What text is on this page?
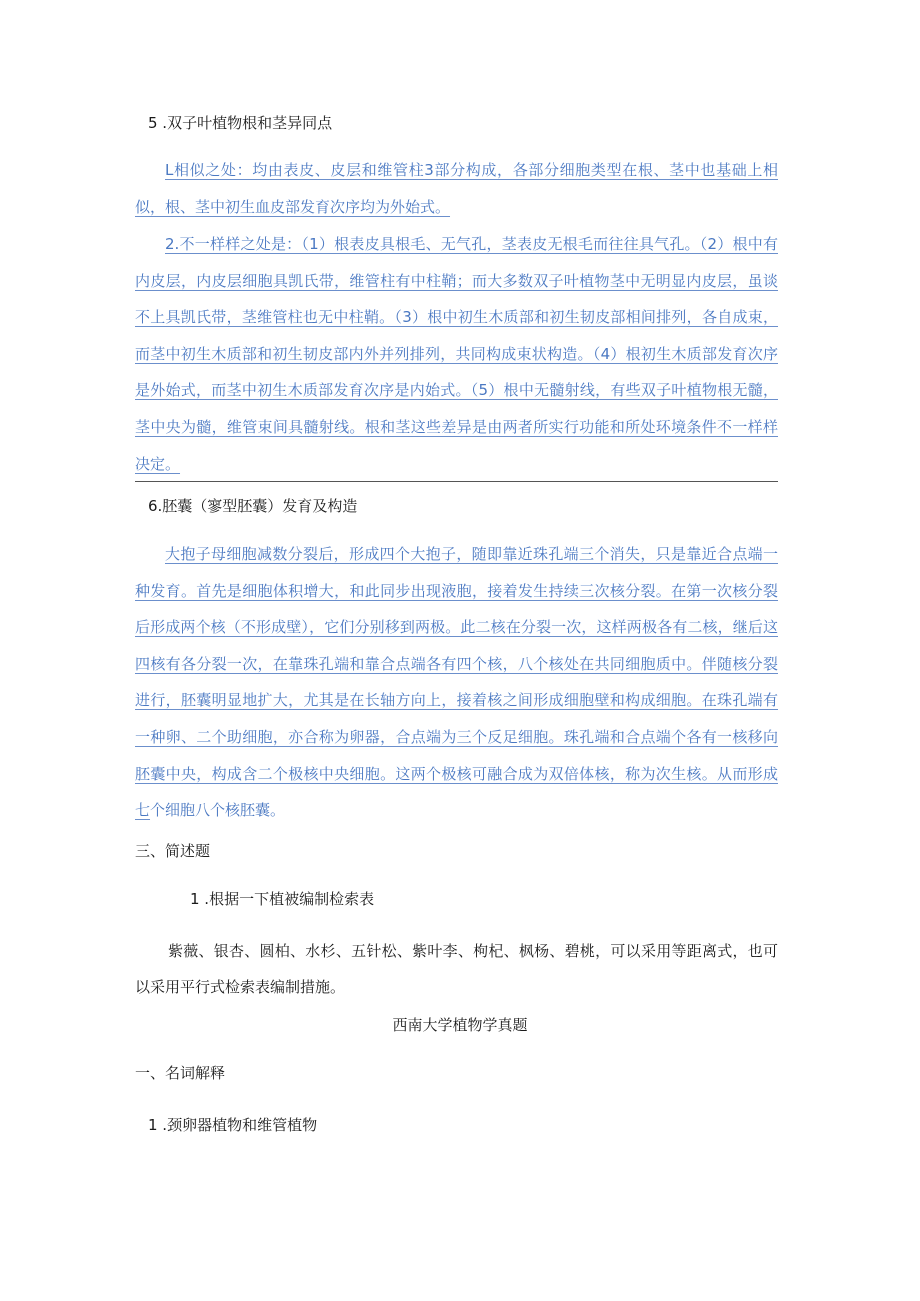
5 .双子叶植物根和茎异同点

L相似之处：均由表皮、皮层和维管柱3部分构成，各部分细胞类型在根、茎中也基础上相似，根、茎中初生血皮部发育次序均为外始式。

2.不一样样之处是：（1）根表皮具根毛、无气孔，茎表皮无根毛而往往具气孔。（2）根中有内皮层，内皮层细胞具凯氏带，维管柱有中柱鞘；而大多数双子叶植物茎中无明显内皮层，虽谈不上具凯氏带，茎维管柱也无中柱鞘。（3）根中初生木质部和初生韧皮部相间排列，各自成束，而茎中初生木质部和初生韧皮部内外并列排列，共同构成束状构造。（4）根初生木质部发育次序是外始式，而茎中初生木质部发育次序是内始式。（5）根中无髓射线，有些双子叶植物根无髓，茎中央为髓，维管束间具髓射线。根和茎这些差异是由两者所实行功能和所处环境条件不一样样决定。

6.胚囊（寥型胚囊）发育及构造

大抱子母细胞减数分裂后，形成四个大抱子，随即靠近珠孔端三个消失，只是靠近合点端一种发育。首先是细胞体积增大，和此同步出现液胞，接着发生持续三次核分裂。在第一次核分裂后形成两个核（不形成壁），它们分别移到两极。此二核在分裂一次，这样两极各有二核，继后这四核有各分裂一次，在靠珠孔端和靠合点端各有四个核，八个核处在共同细胞质中。伴随核分裂进行，胚囊明显地扩大，尤其是在长轴方向上，接着核之间形成细胞壁和构成细胞。在珠孔端有一种卵、二个助细胞，亦合称为卵器，合点端为三个反足细胞。珠孔端和合点端个各有一核移向胚囊中央，构成含二个极核中央细胞。这两个极核可融合成为双倍体核，称为次生核。从而形成七个细胞八个核胚囊。

三、简述题
1 .根据一下植被编制检索表

紫薇、银杏、圆柏、水杉、五针松、紫叶李、枸杞、枫杨、碧桃，可以采用等距离式，也可以采用平行式检索表编制措施。

西南大学植物学真题
一、名词解释
1 .颈卵器植物和维管植物
